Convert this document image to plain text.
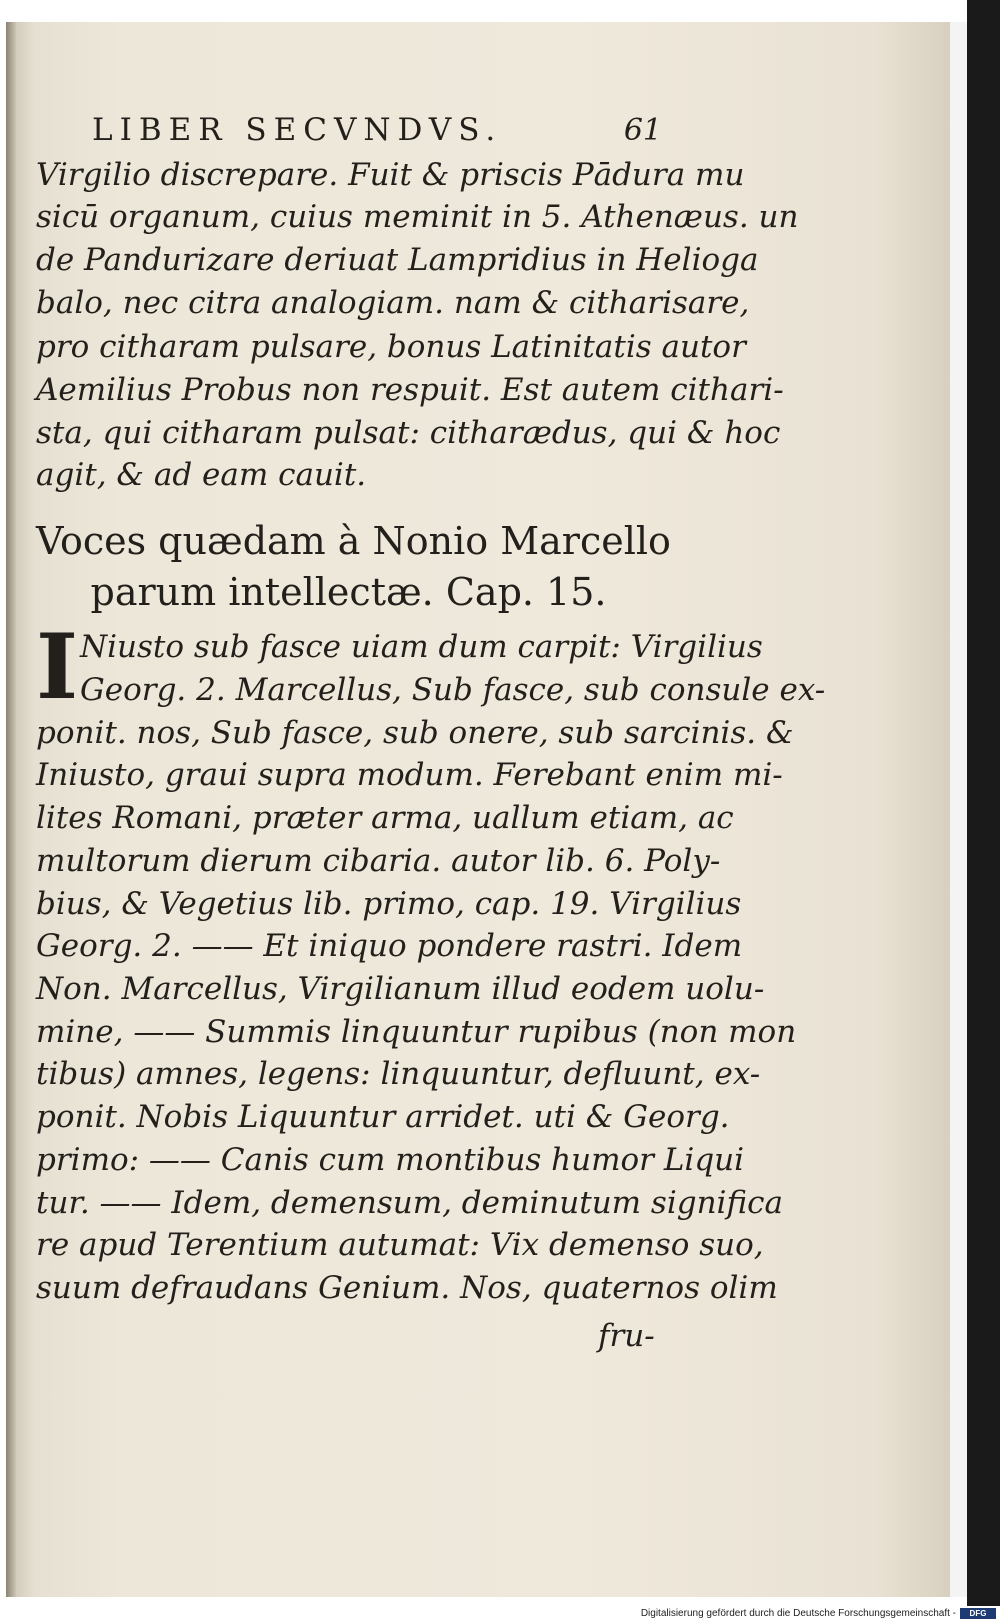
LIBER SECVNDVS.	61
Virgilio discrepare. Fuit & priscis Pādura mu
sicū organum, cuius meminit in 5. Athenæus. un
de Pandurizare deriuat Lampridius in Helioga
balo, nec citra analogiam. nam & citharisare,
pro citharam pulsare, bonus Latinitatis autor
Aemilius Probus non respuit. Est autem cithari-
sta, qui citharam pulsat: citharædus, qui & hoc
agit, & ad eam cauit.
Voces quædam à Nonio Marcello
parum intellectæ. Cap. 15.
I Niusto sub fasce uiam dum carpit: Virgilius
Georg. 2. Marcellus, Sub fasce, sub consule ex-
ponit. nos, Sub fasce, sub onere, sub sarcinis. &
Iniusto, graui supra modum. Ferebant enim mi-
lites Romani, præter arma, uallum etiam, ac
multorum dierum cibaria. autor lib. 6. Poly-
bius, & Vegetius lib. primo, cap. 19. Virgilius
Georg. 2. —— Et iniquo pondere rastri. Idem
Non. Marcellus, Virgilianum illud eodem uolu-
mine, —— Summis linquuntur rupibus (non mon
tibus) amnes, legens: linquuntur, defluunt, ex-
ponit. Nobis Liquuntur arridet. uti & Georg.
primo: —— Canis cum montibus humor Liqui
tur. —— Idem, demensum, deminutum significa
re apud Terentium autumat: Vix demenso suo,
suum defraudans Genium. Nos, quaternos olim
fru-
Digitalisierung gefördert durch die Deutsche Forschungsgemeinschaft -	DFG
